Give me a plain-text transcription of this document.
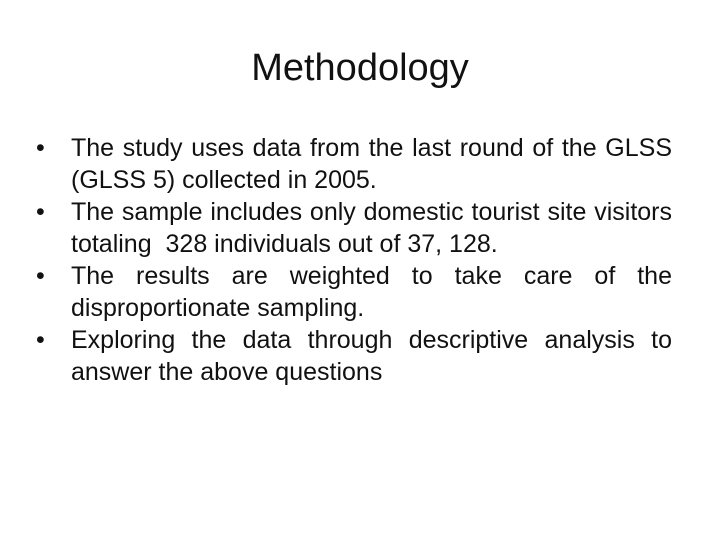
Methodology
•	The study uses data from the last round of the GLSS (GLSS 5) collected in 2005.
•	The sample includes only domestic tourist site visitors totaling  328 individuals out of 37, 128.
•	The results are weighted to take care of the disproportionate sampling.
•	Exploring the data through descriptive analysis to answer the above questions
